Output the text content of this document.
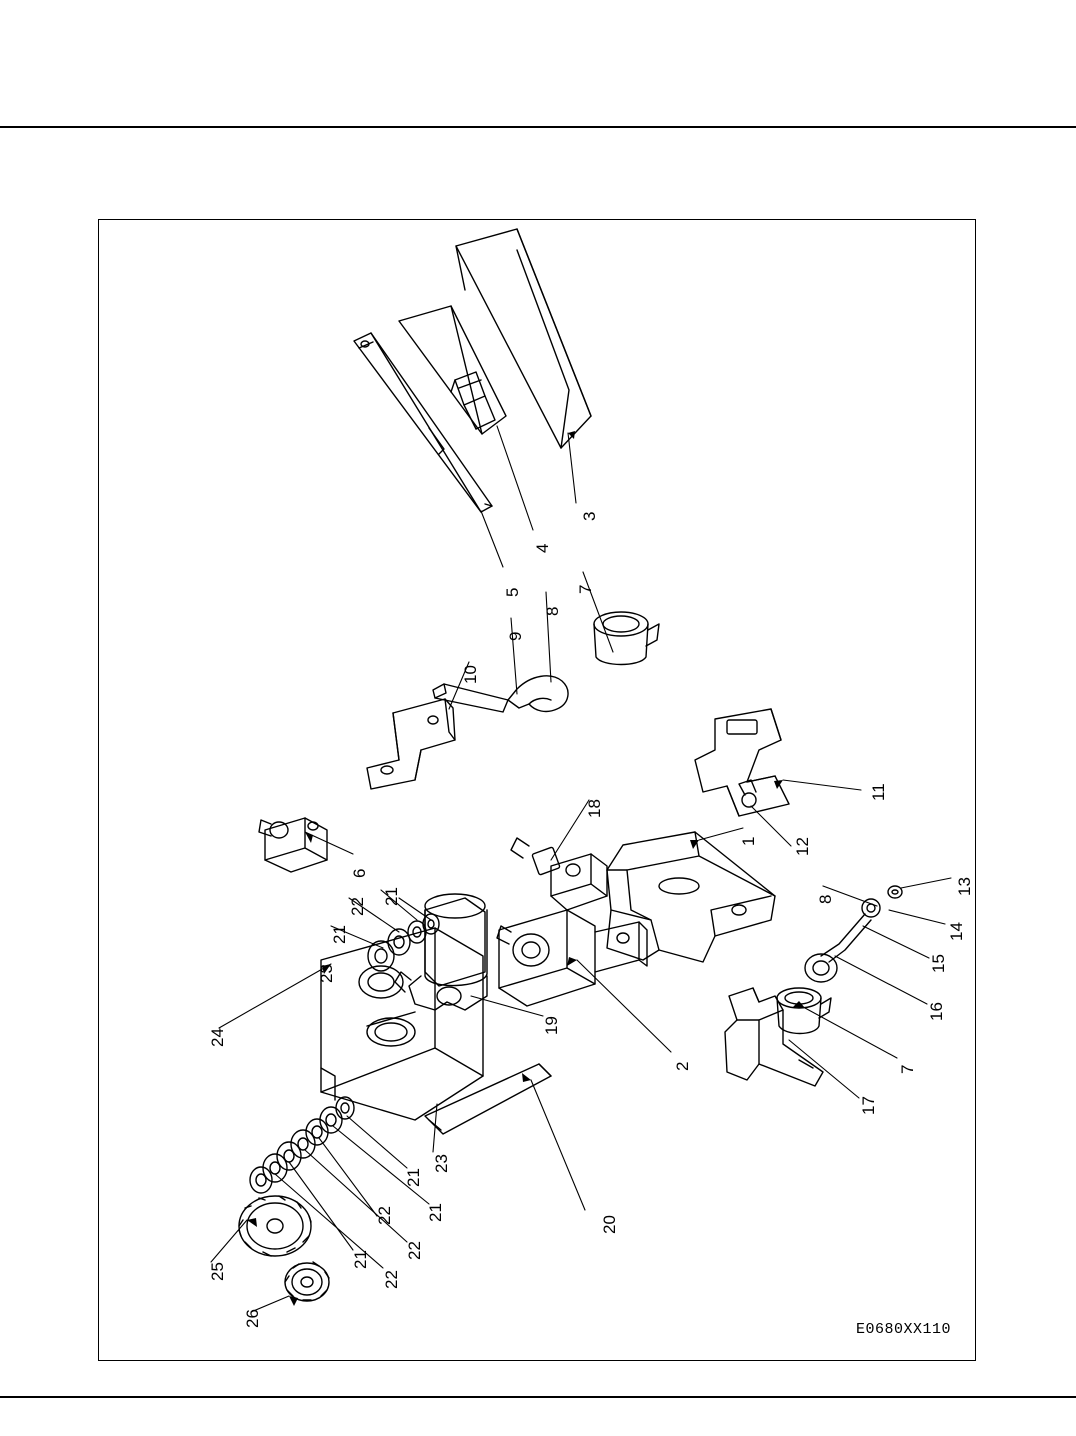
3
4
5	7
8
9
10
11
12
6
1
18
13
8
14
15
16
7
17
21
22
21
23
19
24
2
23
21
21
22
22
21
22
20
25
26
E0680XX110
